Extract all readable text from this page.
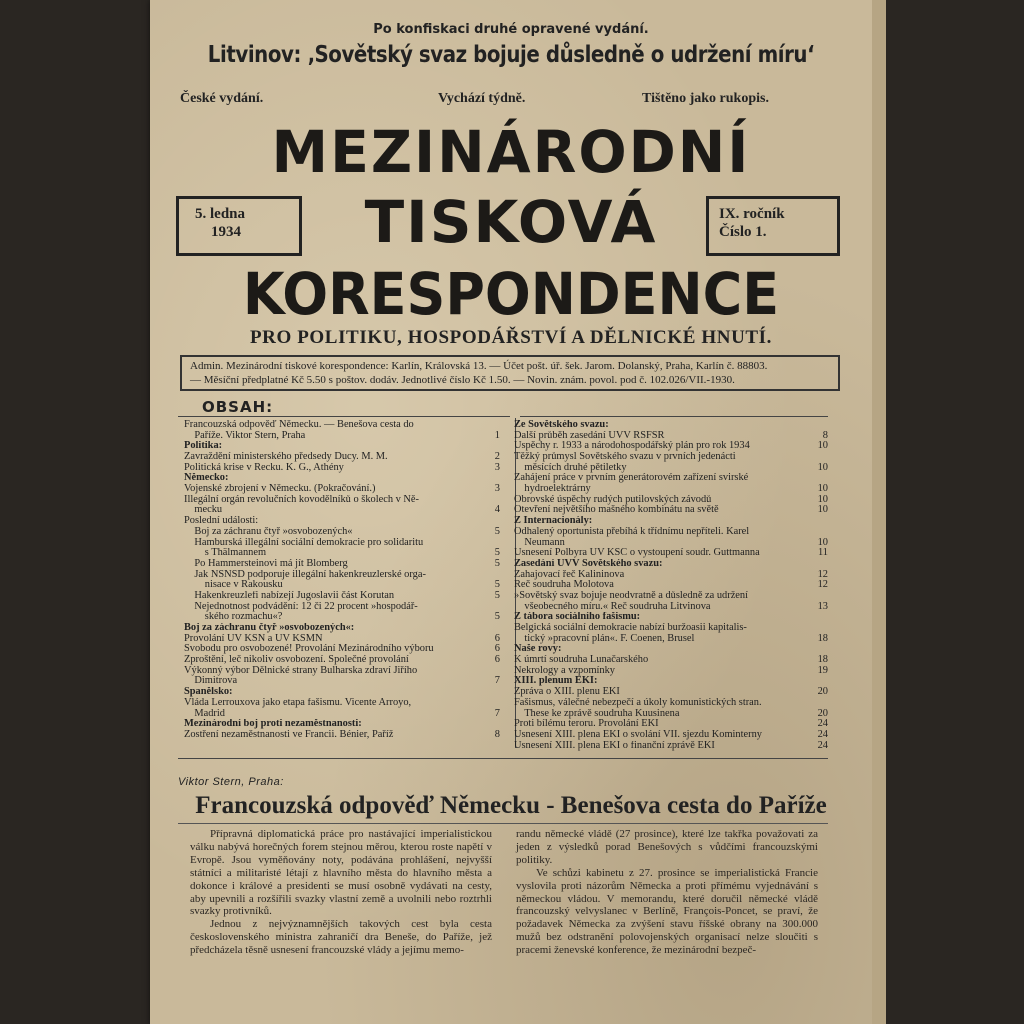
Po konfiskaci druhé opravené vydání.
Litvinov: ‚Sovětský svaz bojuje důsledně o udržení míru‘
České vydání.	Vychází týdně.	Tištěno jako rukopis.
MEZINÁRODNÍ
TISKOVÁ
KORESPONDENCE
5. ledna
1934
IX. ročník
Číslo 1.
PRO POLITIKU, HOSPODÁŘSTVÍ A DĚLNICKÉ HNUTÍ.
Admin. Mezinárodní tiskové korespondence: Karlín, Královská 13. — Účet pošt. úř. šek. Jarom. Dolanský, Praha, Karlín č. 88803.
— Měsíční předplatné Kč 5.50 s poštov. dodáv. Jednotlivé číslo Kč 1.50. — Novin. znám. povol. pod č. 102.026/VII.-1930.
OBSAH:
Francouzská odpověď Německu. — Benešova cesta do
Paříže. Viktor Stern, Praha	1
Politika:
Zavraždění ministerského předsedy Ducy. M. M.	2
Politická krise v Řecku. K. G., Athény	3
Německo:
Vojenské zbrojení v Německu. (Pokračování.)	3
Illegální orgán revolučních kovodělníků o školech v Ně-
mecku	4
Poslední události:
Boj za záchranu čtyř »osvobozených«	5
Hamburská illegální sociální demokracie pro solidaritu
s Thälmannem	5
Po Hammersteinovi má jít Blomberg	5
Jak NSNSD podporuje illegální hakenkreuzlerské orga-
nisace v Rakousku	5
Hakenkreuzlefi nabízejí Jugoslavii část Korutan	5
Nejednotnost podvádění: 12 či 22 procent »hospodář-
ského rozmachu«?	5
Boj za záchranu čtyř »osvobozených«:
Provolání ÚV KSN a ÚV KSMN	6
Svobodu pro osvobozené! Provolání Mezinárodního výboru	6
Zproštění, leč nikoliv osvobození. Společné provolání	6
Výkonný výbor Dělnické strany Bulharska zdraví Jiřího
Dimitrova	7
Španělsko:
Vláda Lerrouxova jako etapa fašismu. Vicente Arroyo,
Madrid	7
Mezinárodní boj proti nezaměstnanosti:
Zostření nezaměstnanosti ve Francii. Bénier, Paříž	8
Ze Sovětského svazu:
Další průběh zasedání ÚVV RSFSR	8
Úspěchy r. 1933 a národohospodářský plán pro rok 1934	10
Těžký průmysl Sovětského svazu v prvních jedenácti
měsících druhé pětiletky	10
Zahájení práce v prvním generátorovém zařízení svirské
hydroelektrárny	10
Obrovské úspěchy rudých putilovských závodů	10
Otevření největšího mašného kombinátu na světě	10
Z Internacionály:
Odhalený oportunista přebíhá k třídnímu nepříteli. Karel
Neumann	10
Usnesení Polbyra ÚV KSČ o vystoupení soudr. Guttmanna	11
Zasedání ÚVV Sovětského svazu:
Zahajovací řeč Kalininova	12
Řeč soudruha Molotova	12
»Sovětský svaz bojuje neodvratně a důsledně za udržení
všeobecného míru.« Řeč soudruha Litvinova	13
Z tábora sociálního fašismu:
Belgická sociální demokracie nabízí buržoasii kapitalis-
tický »pracovní plán«. F. Coenen, Brusel	18
Naše rovy:
K úmrtí soudruha Lunačarského	18
Nekrology a vzpomínky	19
XIII. plenum EKI:
Zpráva o XIII. plenu EKI	20
Fašismus, válečné nebezpečí a úkoly komunistických stran.
These ke zprávě soudruha Kuusinena	20
Proti bílému teroru. Provolání EKI	24
Usnesení XIII. plena EKI o svolání VII. sjezdu Kominterny	24
Usnesení XIII. plena EKI o finanční zprávě EKI	24
Viktor Stern, Praha:
Francouzská odpověď Německu - Benešova cesta do Paříže
Přípravná diplomatická práce pro nastávající imperialistickou válku nabývá horečných forem stejnou měrou, kterou roste napětí v Evropě. Jsou vyměňovány noty, podávána prohlášení, nejvyšší státníci a militaristé létají z hlavního města do hlavního města a dokonce i králové a presidenti se musí osobně vydávati na cesty, aby upevnili a rozšířili svazky vlastní země a uvolnili nebo roztrhli svazky protivníků.
Jednou z nejvýznamnějších takových cest byla cesta československého ministra zahraničí dra Beneše, do Paříže, jež předcházela těsně usnesení francouzské vlády a jejímu memo-
randu německé vládě (27 prosince), které lze takřka považovati za jeden z výsledků porad Benešových s vůdčími francouzskými politiky.
Ve schůzi kabinetu z 27. prosince se imperialistická Francie vyslovila proti názorům Německa a proti přímému vyjednávání s německou vládou. V memorandu, které doručil německé vládě francouzský velvyslanec v Berlíně, François-Poncet, se praví, že požadavek Německa za zvýšení stavu říšské obrany na 300.000 mužů bez odstranění polovojenských organisací nelze sloučiti s pracemi ženevské konference, že mezinárodní bezpeč-
